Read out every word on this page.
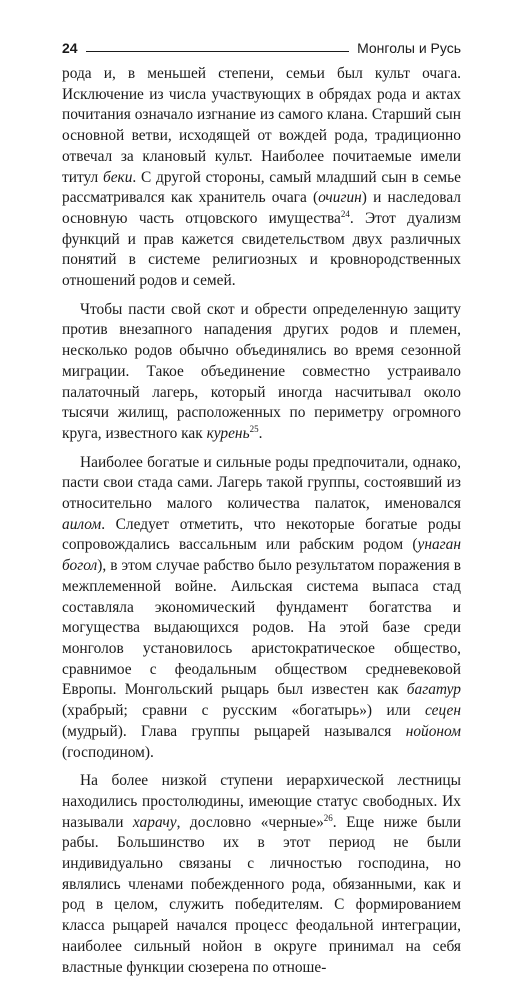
24	Монголы и Русь

рода и, в меньшей степени, семьи был культ очага. Исключение из числа участвующих в обрядах рода и актах почитания означало изгнание из самого клана. Старший сын основной ветви, исходящей от вождей рода, традиционно отвечал за клановый культ. Наиболее почитаемые имели титул беки. С другой стороны, самый младший сын в семье рассматривался как хранитель очага (очигин) и наследовал основную часть отцовского имущества$^{24}$. Этот дуализм функций и прав кажется свидетельством двух различных понятий в системе религиозных и кровнородственных отношений родов и семей.

Чтобы пасти свой скот и обрести определенную защиту против внезапного нападения других родов и племен, несколько родов обычно объединялись во время сезонной миграции. Такое объединение совместно устраивало палаточный лагерь, который иногда насчитывал около тысячи жилищ, расположенных по периметру огромного круга, известного как курень$^{25}$.

Наиболее богатые и сильные роды предпочитали, однако, пасти свои стада сами. Лагерь такой группы, состоявший из относительно малого количества палаток, именовался аилом. Следует отметить, что некоторые богатые роды сопровождались вассальным или рабским родом (унаган богол), в этом случае рабство было результатом поражения в межплеменной войне. Аильская система выпаса стад составляла экономический фундамент богатства и могущества выдающихся родов. На этой базе среди монголов установилось аристократическое общество, сравнимое с феодальным обществом средневековой Европы. Монгольский рыцарь был известен как багатур (храбрый; сравни с русским «богатырь») или сецен (мудрый). Глава группы рыцарей назывался нойоном (господином).

На более низкой ступени иерархической лестницы находились простолюдины, имеющие статус свободных. Их называли харачу, дословно «черные»$^{26}$. Еще ниже были рабы. Большинство их в этот период не были индивидуально связаны с личностью господина, но являлись членами побежденного рода, обязанными, как и род в целом, служить победителям. С формированием класса рыцарей начался процесс феодальной интеграции, наиболее сильный нойон в округе принимал на себя властные функции сюзерена по отноше-
